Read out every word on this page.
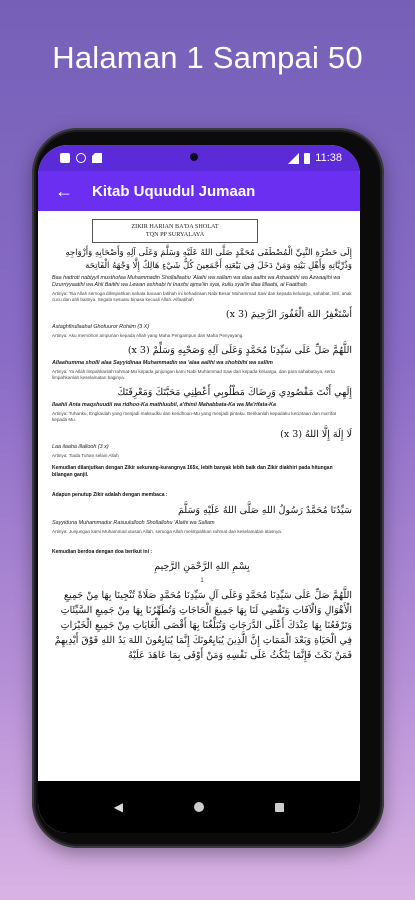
Halaman 1 Sampai 50
11:38
←	Kitab Uquudul Jumaan
ZIKIR HARIAN BA'DA SHOLAT
TQN PP SURYALAYA
إِلَى حَضْرَةِ النَّبِيِّ الْمُصْطَفَى مُحَمَّدٍ صَلَّى اللهُ عَلَيْهِ وَسَلَّمَ وَعَلَى آلِهِ وَأَصْحَابِهِ وَأَزْوَاجِهِ وَذُرِّيَّاتِهِ وَأَهْلِ بَيْتِهِ وَمَنْ دَخَلَ فِي بَيْعَتِهِ أَجْمَعِينَ كُلُّ شَيْءٍ هَالِكٌ إِلَّا وَجْهَهُ الْفَاتِحَة
Baa hadroti nabiyyil musthofaa Muhammadin Shollallaahu 'Alaihi wa sallam wa alaa aalihi wa Ashaabihi wa Azwaajihi wa Dzurriyyaatihi wa Ahli Baitihi wa Lewan ashhabi hi Inasfsi ajma'iin syai, kullu syai'in illaa lillaahi, al Faatihah
Artinya: Tsa Allah semoga dilimpahkan sahala bacaan fatihah ini kehadiraan Nabi Besar Muhammad Saw dan kepada keluarga, sahabat, istri, anak cucu dan ahli baitnya. Segala sesuatu binasa kecuali Allah. Alfaatihah
أَسْتَغْفِرُ اللهَ الْغَفُورَ الرَّحِيمَ (3 x)
Astaghfirullaahal Ghofuuror Rohiim (3 X)
Artinya: Aku memohon ampunan kepada Allah yang Maha Pengampun dan Maha Penyayang.
اللَّهُمَّ صَلِّ عَلَى سَيِّدِنَا مُحَمَّدٍ وَعَلَى آلِهِ وَصَحْبِهِ وَسَلِّمْ (3 x)
Allaahumma sholli alaa Sayyidinaa Muhammadin wa 'alaa aalihi wa shohbihi wa sallim
Artinya: Ya Allah limpahkanlah rahmat-Mu kepada junjungan kami Nabi Muhammad Saw dan kepada keluarga, dan para sahabatnya, serta limpahkanlah keselamatan baginya.
إِلَهِي أَنْتَ مَقْصُودِي وَرِضَاكَ مَطْلُوبِي أَعْطِنِي مَحَبَّتَكَ وَمَعْرِفَتَكَ
Ilaahii Anta maqshuudii wa ridhoo-Ka mathluubii, a'thinii Mahabbata-Ka wa Ma'rifata-Ka
Artinya: Tuhanku, Engkaulah yang menjadi maksudku dan keridhoan-Mu yang menjadi pintaku. Berikanlah kepadaku kecintaan dan ma'rifat kepada Mu.
لَا إِلَهَ إِلَّا اللهُ (3 x)
Laa ilaaha illallooh (3 x)
Artinya: Tiada Tuhan selain Allah
Kemudian dilanjutkan dengan Zikir sekurang-kurangnya 165x, lebih banyak lebih baik dan Zikir diakhiri pada hitungan bilangan ganjil.
Adapun penutup Zikir adalah dengan membaca :
سَيِّدُنَا مُحَمَّدٌ رَسُولُ اللهِ صَلَّى اللهُ عَلَيْهِ وَسَلَّمَ
Sayyiduna Muhammadur Rasuulullooh Shollallohu 'Alaihi wa Sallam
Artinya: Junjungan kami Muhammad utusan Allah, semoga Allah melimpahkan rahmat dan keselamatan atasnya.
Kemudian berdoa dengan doa berikut ini :
بِسْمِ اللهِ الرَّحْمَنِ الرَّحِيمِ
1
اللَّهُمَّ صَلِّ عَلَى سَيِّدِنَا مُحَمَّدٍ وَعَلَى آلِ سَيِّدِنَا مُحَمَّدٍ صَلَاةً تُنْجِينَا بِهَا مِنْ جَمِيعِ الْأَهْوَالِ وَالْآفَاتِ وَتَقْضِي لَنَا بِهَا جَمِيعَ الْحَاجَاتِ وَتُطَهِّرُنَا بِهَا مِنْ جَمِيعِ السَّيِّئَاتِ وَتَرْفَعُنَا بِهَا عِنْدَكَ أَعْلَى الدَّرَجَاتِ وَتُبَلِّغُنَا بِهَا أَقْصَى الْغَايَاتِ مِنْ جَمِيعِ الْخَيْرَاتِ فِي الْحَيَاةِ وَبَعْدَ الْمَمَاتِ إِنَّ الَّذِينَ يُبَايِعُونَكَ إِنَّمَا يُبَايِعُونَ اللهَ يَدُ اللهِ فَوْقَ أَيْدِيهِمْ فَمَنْ نَكَثَ فَإِنَّمَا يَنْكُثُ عَلَى نَفْسِهِ وَمَنْ أَوْفَى بِمَا عَاهَدَ عَلَيْهُ
◀
